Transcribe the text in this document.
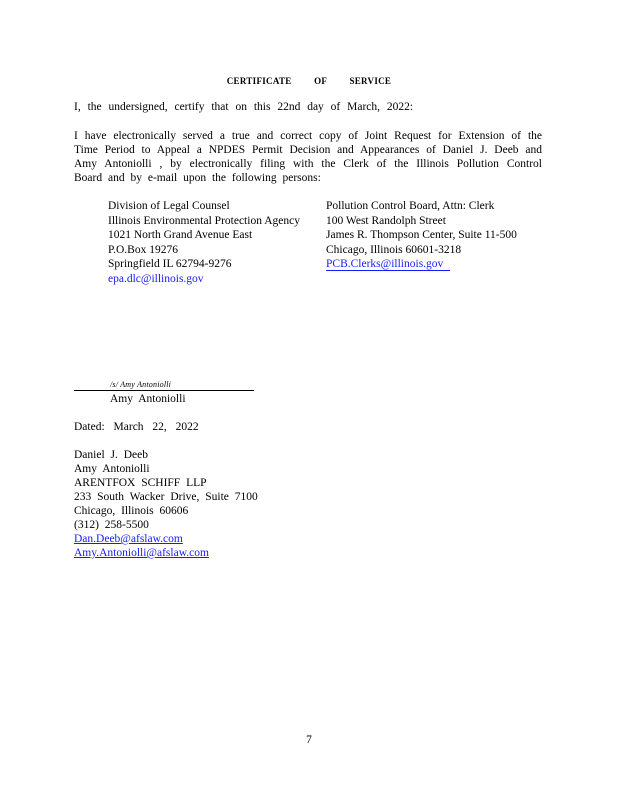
CERTIFICATE OF SERVICE
I, the undersigned, certify that on this 22nd day of March, 2022:
I have electronically served a true and correct copy of Joint Request for Extension of the Time Period to Appeal a NPDES Permit Decision and Appearances of Daniel J. Deeb and Amy Antoniolli , by electronically filing with the Clerk of the Illinois Pollution Control Board and by e-mail upon the following persons:
Division of Legal Counsel
Illinois Environmental Protection Agency
1021 North Grand Avenue East
P.O.Box 19276
Springfield IL 62794-9276
epa.dlc@illinois.gov
Pollution Control Board, Attn: Clerk
100 West Randolph Street
James R. Thompson Center, Suite 11-500
Chicago, Illinois 60601-3218
PCB.Clerks@illinois.gov
/s/ Amy Antoniolli
Amy Antoniolli
Dated: March 22, 2022
Daniel J. Deeb
Amy Antoniolli
ARENTFOX SCHIFF LLP
233 South Wacker Drive, Suite 7100
Chicago, Illinois 60606
(312) 258-5500
Dan.Deeb@afslaw.com
Amy.Antoniolli@afslaw.com
7
